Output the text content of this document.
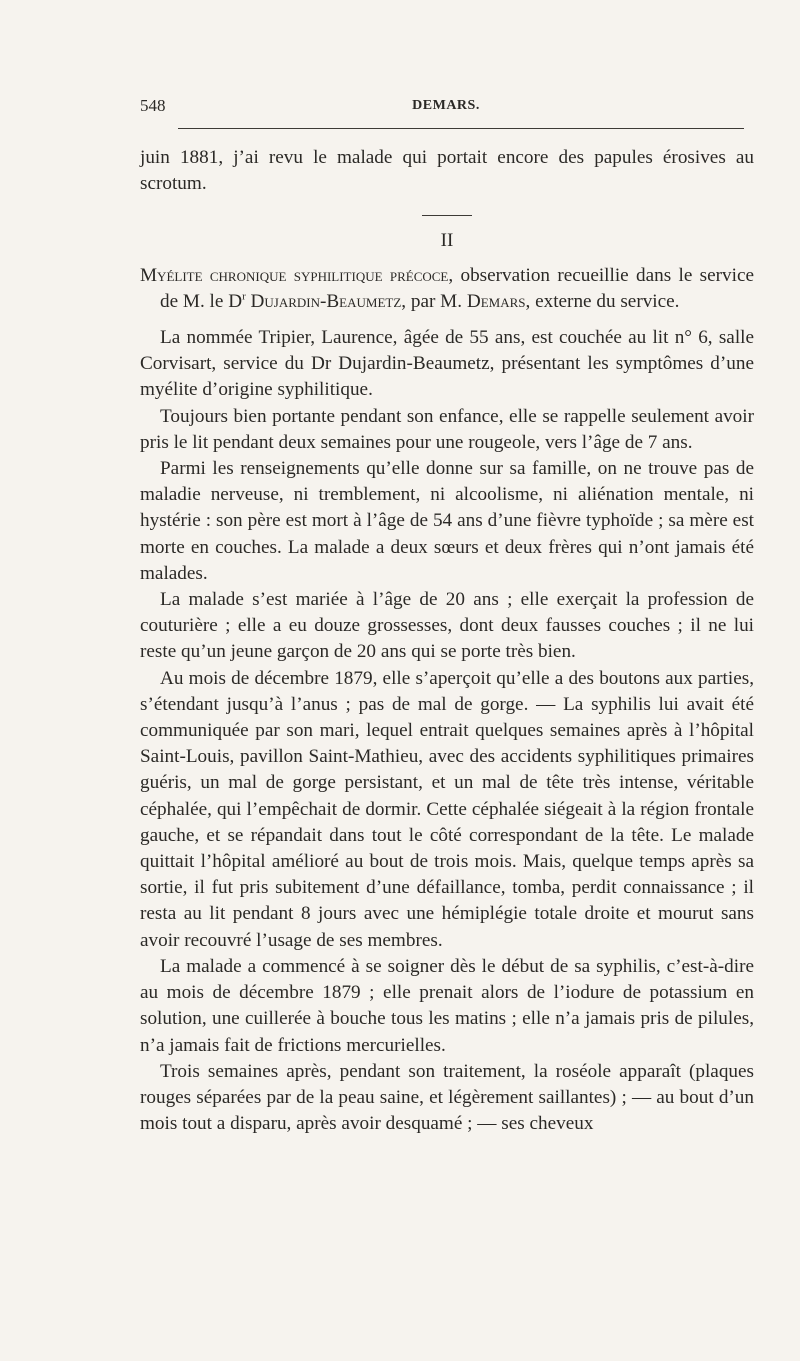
548	DEMARS.

juin 1881, j’ai revu le malade qui portait encore des papules érosives au scrotum.

II

Myélite chronique syphilitique précoce, observation recueillie dans le service de M. le $D^r$ Dujardin-Beaumetz, par M. Demars, externe du service.

La nommée Tripier, Laurence, âgée de 55 ans, est couchée au lit n° 6, salle Corvisart, service du Dr Dujardin-Beaumetz, présentant les symptômes d’une myélite d’origine syphilitique.

Toujours bien portante pendant son enfance, elle se rappelle seulement avoir pris le lit pendant deux semaines pour une rougeole, vers l’âge de 7 ans.

Parmi les renseignements qu’elle donne sur sa famille, on ne trouve pas de maladie nerveuse, ni tremblement, ni alcoolisme, ni aliénation mentale, ni hystérie : son père est mort à l’âge de 54 ans d’une fièvre typhoïde ; sa mère est morte en couches. La malade a deux sœurs et deux frères qui n’ont jamais été malades.

La malade s’est mariée à l’âge de 20 ans ; elle exerçait la profession de couturière ; elle a eu douze grossesses, dont deux fausses couches ; il ne lui reste qu’un jeune garçon de 20 ans qui se porte très bien.

Au mois de décembre 1879, elle s’aperçoit qu’elle a des boutons aux parties, s’étendant jusqu’à l’anus ; pas de mal de gorge. — La syphilis lui avait été communiquée par son mari, lequel entrait quelques semaines après à l’hôpital Saint-Louis, pavillon Saint-Mathieu, avec des accidents syphilitiques primaires guéris, un mal de gorge persistant, et un mal de tête très intense, véritable céphalée, qui l’empêchait de dormir. Cette céphalée siégeait à la région frontale gauche, et se répandait dans tout le côté correspondant de la tête. Le malade quittait l’hôpital amélioré au bout de trois mois. Mais, quelque temps après sa sortie, il fut pris subitement d’une défaillance, tomba, perdit connaissance ; il resta au lit pendant 8 jours avec une hémiplégie totale droite et mourut sans avoir recouvré l’usage de ses membres.

La malade a commencé à se soigner dès le début de sa syphilis, c’est-à-dire au mois de décembre 1879 ; elle prenait alors de l’iodure de potassium en solution, une cuillerée à bouche tous les matins ; elle n’a jamais pris de pilules, n’a jamais fait de frictions mercurielles.

Trois semaines après, pendant son traitement, la roséole apparaît (plaques rouges séparées par de la peau saine, et légèrement saillantes) ; — au bout d’un mois tout a disparu, après avoir desquamé ; — ses cheveux
